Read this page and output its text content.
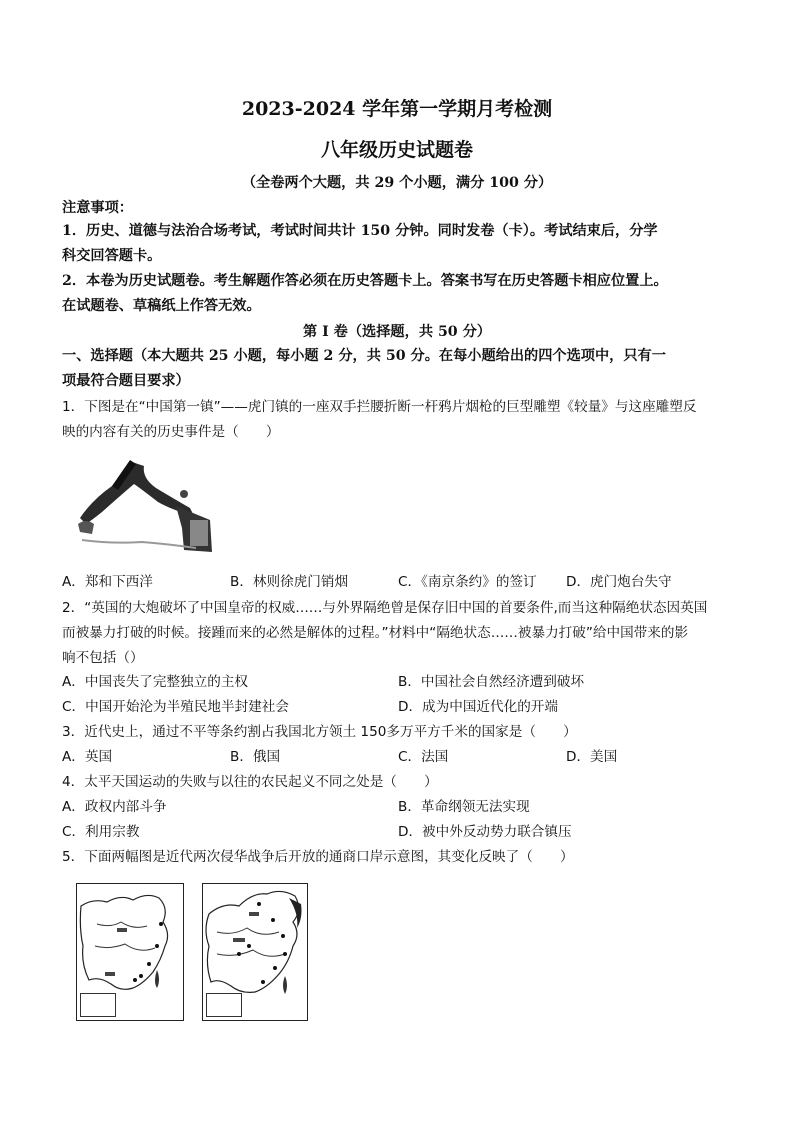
2023-2024 学年第一学期月考检测
八年级历史试题卷
（全卷两个大题，共 29 个小题，满分 100 分）
注意事项：
1．历史、道德与法治合场考试，考试时间共计 150 分钟。同时发卷（卡）。考试结束后，分学
科交回答题卡。
2．本卷为历史试题卷。考生解题作答必须在历史答题卡上。答案书写在历史答题卡相应位置上。
在试题卷、草稿纸上作答无效。
第 I 卷（选择题，共 50 分）
一、选择题（本大题共 25 小题，每小题 2 分，共 50 分。在每小题给出的四个选项中，只有一
项最符合题目要求）
1．下图是在“中国第一镇”——虎门镇的一座双手拦腰折断一杆鸦片烟枪的巨型雕塑《较量》与这座雕塑反
映的内容有关的历史事件是（　　）
A．郑和下西洋	B．林则徐虎门销烟	C．《南京条约》的签订 D．虎门炮台失守
2．“英国的大炮破坏了中国皇帝的权威……与外界隔绝曾是保存旧中国的首要条件,而当这种隔绝状态因英国
而被暴力打破的时候。接踵而来的必然是解体的过程。”材料中“隔绝状态……被暴力打破”给中国带来的影
响不包括（）
A．中国丧失了完整独立的主权	B．中国社会自然经济遭到破坏
C．中国开始沦为半殖民地半封建社会	D．成为中国近代化的开端
3．近代史上，通过不平等条约割占我国北方领土 150多万平方千米的国家是（　　）
A．英国	B．俄国	C．法国	D．美国
4．太平天国运动的失败与以往的农民起义不同之处是（　　）
A．政权内部斗争	B．革命纲领无法实现
C．利用宗教	D．被中外反动势力联合镇压
5．下面两幅图是近代两次侵华战争后开放的通商口岸示意图，其变化反映了（　　）
